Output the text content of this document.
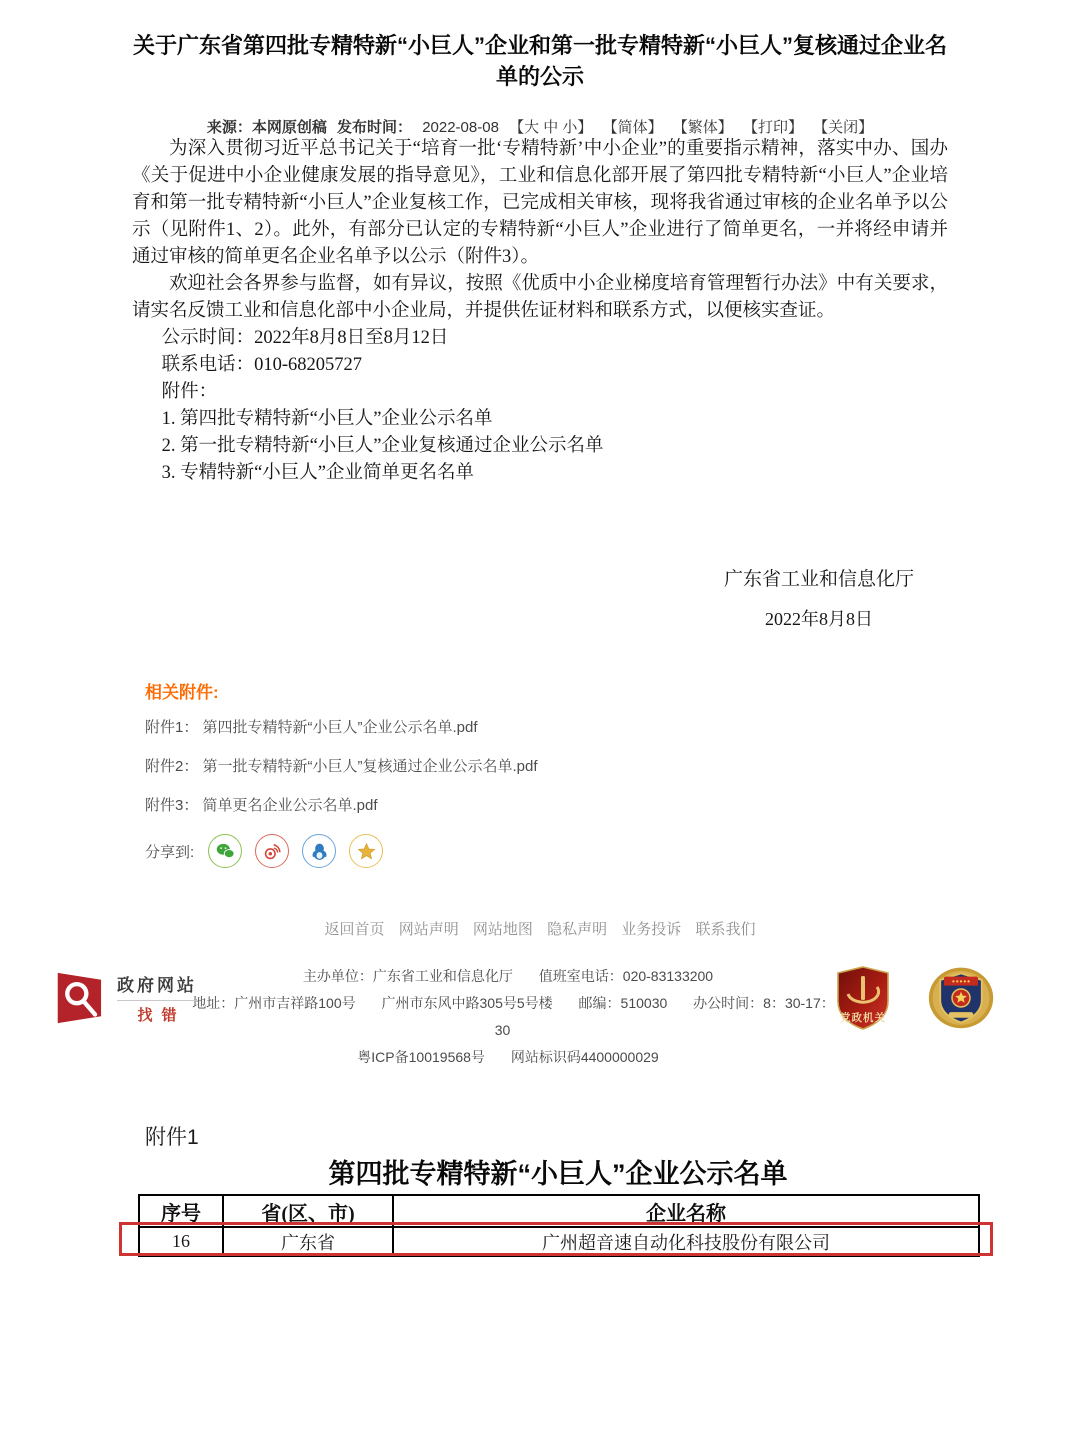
关于广东省第四批专精特新“小巨人”企业和第一批专精特新“小巨人”复核通过企业名单的公示
来源：本网原创稿 发布时间： 2022-08-08 【大 中 小】 【简体】 【繁体】 【打印】 【关闭】

为深入贯彻习近平总书记关于“培育一批‘专精特新’中小企业”的重要指示精神，落实中办、国办《关于促进中小企业健康发展的指导意见》，工业和信息化部开展了第四批专精特新“小巨人”企业培育和第一批专精特新“小巨人”企业复核工作，已完成相关审核，现将我省通过审核的企业名单予以公示（见附件1、2）。此外，有部分已认定的专精特新“小巨人”企业进行了简单更名，一并将经申请并通过审核的简单更名企业名单予以公示（附件3）。

欢迎社会各界参与监督，如有异议，按照《优质中小企业梯度培育管理暂行办法》中有关要求，请实名反馈工业和信息化部中小企业局，并提供佐证材料和联系方式，以便核实查证。

公示时间：2022年8月8日至8月12日

联系电话：010-68205727

附件：

1. 第四批专精特新“小巨人”企业公示名单

2. 第一批专精特新“小巨人”企业复核通过企业公示名单

3. 专精特新“小巨人”企业简单更名名单

广东省工业和信息化厅
2022年8月8日
相关附件:
附件1： 第四批专精特新“小巨人”企业公示名单.pdf
附件2： 第一批专精特新“小巨人”复核通过企业公示名单.pdf
附件3： 简单更名企业公示名单.pdf
分享到:
返回首页 网站声明 网站地图 隐私声明 业务投诉 联系我们
政府网站
找错
主办单位：广东省工业和信息化厅 值班室电话：020-83133200
地址：广州市吉祥路100号 广州市东风中路305号5号楼 邮编：510030 办公时间：8：30-17：30
粤ICP备10019568号 网站标识码4400000029
党政机关
附件1
第四批专精特新“小巨人”企业公示名单
序号	省(区、市)	企业名称
16	广东省	广州超音速自动化科技股份有限公司
